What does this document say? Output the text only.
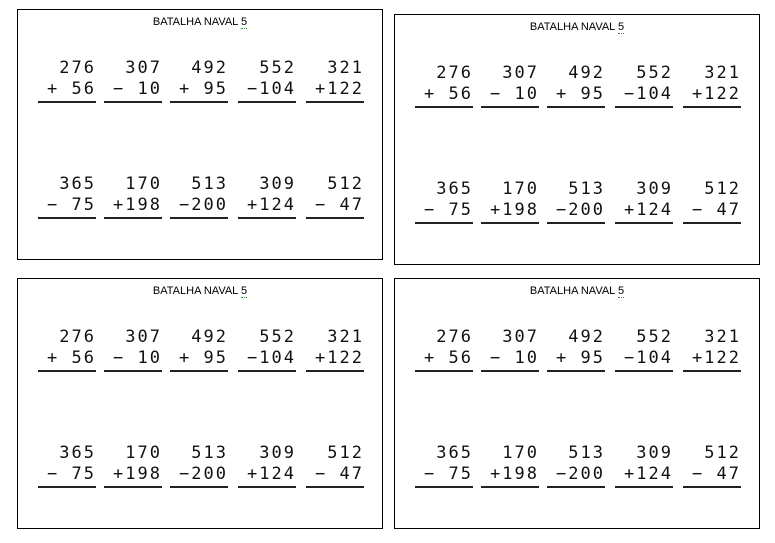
BATALHA NAVAL 5
276
+ 56
307
− 10
492
+ 95
552
−104
321
+122
365
− 75
170
+198
513
−200
309
+124
512
− 47
BATALHA NAVAL 5
276
+ 56
307
− 10
492
+ 95
552
−104
321
+122
365
− 75
170
+198
513
−200
309
+124
512
− 47
BATALHA NAVAL 5
276
+ 56
307
− 10
492
+ 95
552
−104
321
+122
365
− 75
170
+198
513
−200
309
+124
512
− 47
BATALHA NAVAL 5
276
+ 56
307
− 10
492
+ 95
552
−104
321
+122
365
− 75
170
+198
513
−200
309
+124
512
− 47
